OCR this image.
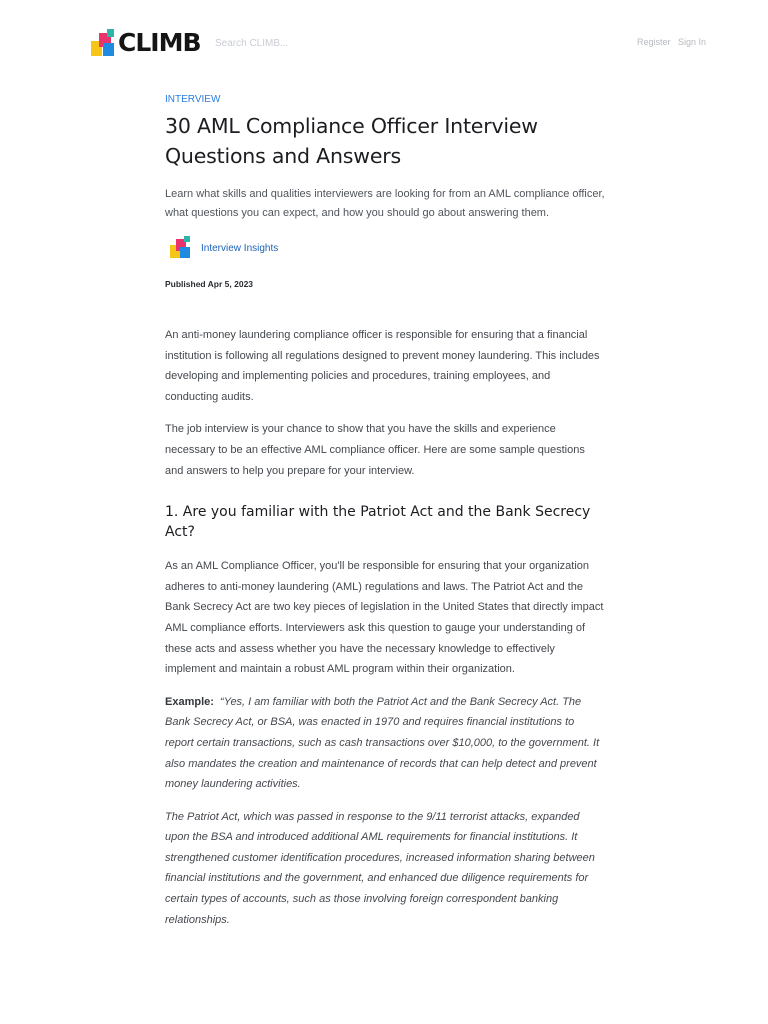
CLIMB
Search CLIMB...	Register Sign In
INTERVIEW
30 AML Compliance Officer Interview Questions and Answers

Learn what skills and qualities interviewers are looking for from an AML compliance officer, what questions you can expect, and how you should go about answering them.

Interview Insights
Published Apr 5, 2023

An anti-money laundering compliance officer is responsible for ensuring that a financial institution is following all regulations designed to prevent money laundering. This includes developing and implementing policies and procedures, training employees, and conducting audits.

The job interview is your chance to show that you have the skills and experience necessary to be an effective AML compliance officer. Here are some sample questions and answers to help you prepare for your interview.

1. Are you familiar with the Patriot Act and the Bank Secrecy Act?

As an AML Compliance Officer, you'll be responsible for ensuring that your organization adheres to anti-money laundering (AML) regulations and laws. The Patriot Act and the Bank Secrecy Act are two key pieces of legislation in the United States that directly impact AML compliance efforts. Interviewers ask this question to gauge your understanding of these acts and assess whether you have the necessary knowledge to effectively implement and maintain a robust AML program within their organization.

Example: “Yes, I am familiar with both the Patriot Act and the Bank Secrecy Act. The Bank Secrecy Act, or BSA, was enacted in 1970 and requires financial institutions to report certain transactions, such as cash transactions over $10,000, to the government. It also mandates the creation and maintenance of records that can help detect and prevent money laundering activities.

The Patriot Act, which was passed in response to the 9/11 terrorist attacks, expanded upon the BSA and introduced additional AML requirements for financial institutions. It strengthened customer identification procedures, increased information sharing between financial institutions and the government, and enhanced due diligence requirements for certain types of accounts, such as those involving foreign correspondent banking relationships.
